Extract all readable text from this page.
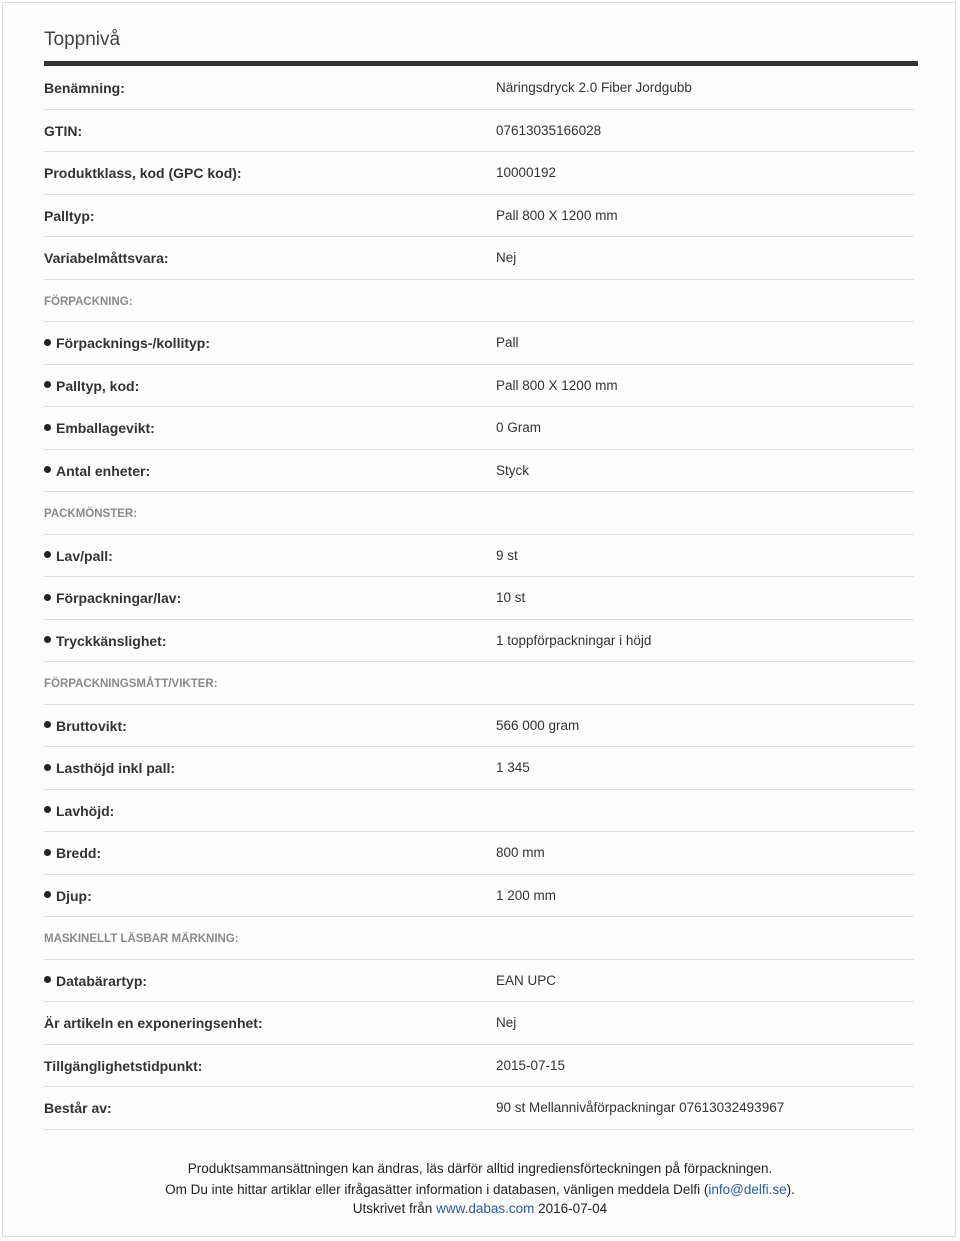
Toppnivå
Benämning:	Näringsdryck 2.0 Fiber Jordgubb
GTIN:	07613035166028
Produktklass, kod (GPC kod):	10000192
Palltyp:	Pall 800 X 1200 mm
Variabelmåttsvara:	Nej
FÖRPACKNING:
Förpacknings-/kollityp:	Pall
Palltyp, kod:	Pall 800 X 1200 mm
Emballagevikt:	0 Gram
Antal enheter:	Styck
PACKMÖNSTER:
Lav/pall:	9 st
Förpackningar/lav:	10 st
Tryckkänslighet:	1 toppförpackningar i höjd
FÖRPACKNINGSMÅTT/VIKTER:
Bruttovikt:	566 000 gram
Lasthöjd inkl pall:	1 345
Lavhöjd:
Bredd:	800 mm
Djup:	1 200 mm
MASKINELLT LÄSBAR MÄRKNING:
Databärartyp:	EAN UPC
Är artikeln en exponeringsenhet:	Nej
Tillgänglighetstidpunkt:	2015-07-15
Består av:	90 st Mellannivåförpackningar 07613032493967
Produktsammansättningen kan ändras, läs därför alltid ingrediensförteckningen på förpackningen.
Om Du inte hittar artiklar eller ifrågasätter information i databasen, vänligen meddela Delfi (info@delfi.se).
Utskrivet från www.dabas.com 2016-07-04
